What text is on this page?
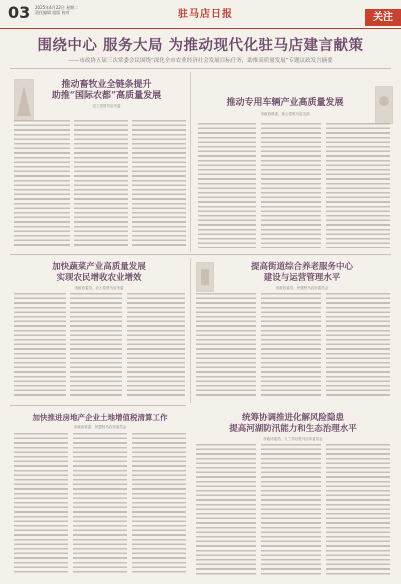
03 2025年4月22日 星期二
责任编辑 组版 校对	驻马店日报	关注
围绕中心 服务大局 为推动现代化驻马店建言献策
——市政协五届三次常委会议围绕“深化全市农业经济社会发展目标任务，助推高质量发展”专题议政发言摘要
推动畜牧业全链条提升
助推“国际农都”高质量发展
农工党驻马店市委	推动专用车辆产业高质量发展
市政协常委、致公党驻马店支部
加快蔬菜产业高质量发展
实现农民增收农业增效
市政协委员、农工党驻马店市委
提高街道综合养老服务中心
建设与运营管理水平
市政协委员、民建驻马店市委员会
加快推进房地产企业土地增值税清算工作
市政协常委、民盟驻马店市委员会
统筹协调推进化解风险隐患
提高河湖防汛能力和生态治理水平
市政协委员、九三学社驻马店市委员会
